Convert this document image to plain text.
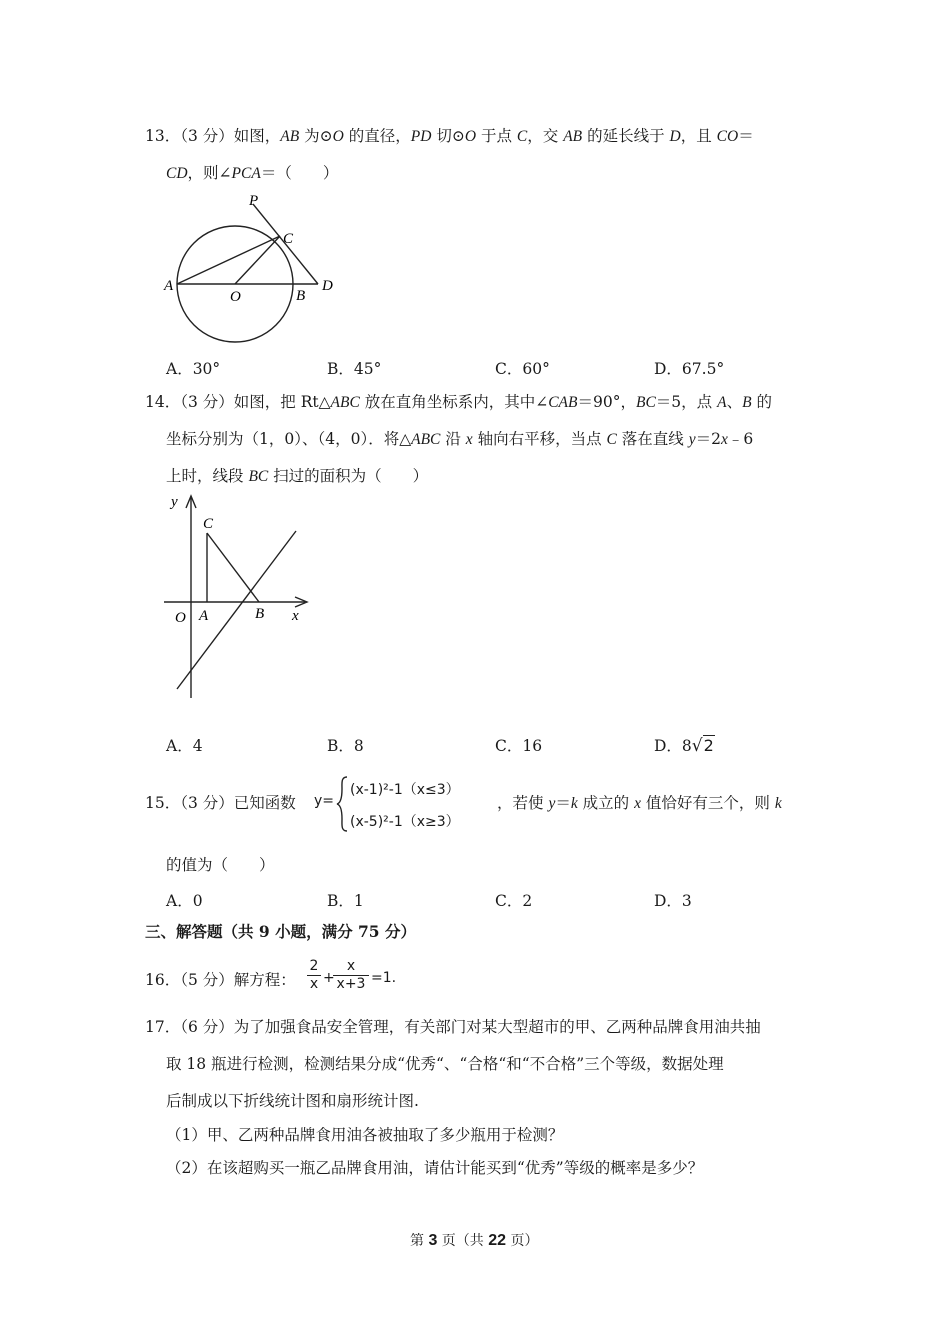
13．（3 分）如图，AB 为⊙O 的直径，PD 切⊙O 于点 C，交 AB 的延长线于 D，且 CO＝
CD，则∠PCA＝（　　）
P
C
A
O	B
D
A．30°	B．45°	C．60°	D．67.5°
14．（3 分）如图，把 Rt△ABC 放在直角坐标系内，其中∠CAB＝90°，BC＝5，点 A、B 的
坐标分别为（1，0）、（4，0）．将△ABC 沿 x 轴向右平移，当点 C 落在直线 y＝2x﹣6
上时，线段 BC 扫过的面积为（　　）
y
C
O A	B x
A．4	B．8	C．16	D．8√2
15．（3 分）已知函数 y=
(x-1)²-1（x≤3）
(x-5)²-1（x≥3）
，若使 y＝k 成立的 x 值恰好有三个，则 k
的值为（　　）
A．0	B．1	C．2	D．3
三、解答题（共 9 小题，满分 75 分）
16．（5 分）解方程：
2
x +
x
x+3 =1.
17．（6 分）为了加强食品安全管理，有关部门对某大型超市的甲、乙两种品牌食用油共抽
取 18 瓶进行检测，检测结果分成“优秀“、“合格“和“不合格”三个等级，数据处理
后制成以下折线统计图和扇形统计图.
（1）甲、乙两种品牌食用油各被抽取了多少瓶用于检测？
（2）在该超购买一瓶乙品牌食用油，请估计能买到“优秀”等级的概率是多少？
第 3 页（共 22 页）
